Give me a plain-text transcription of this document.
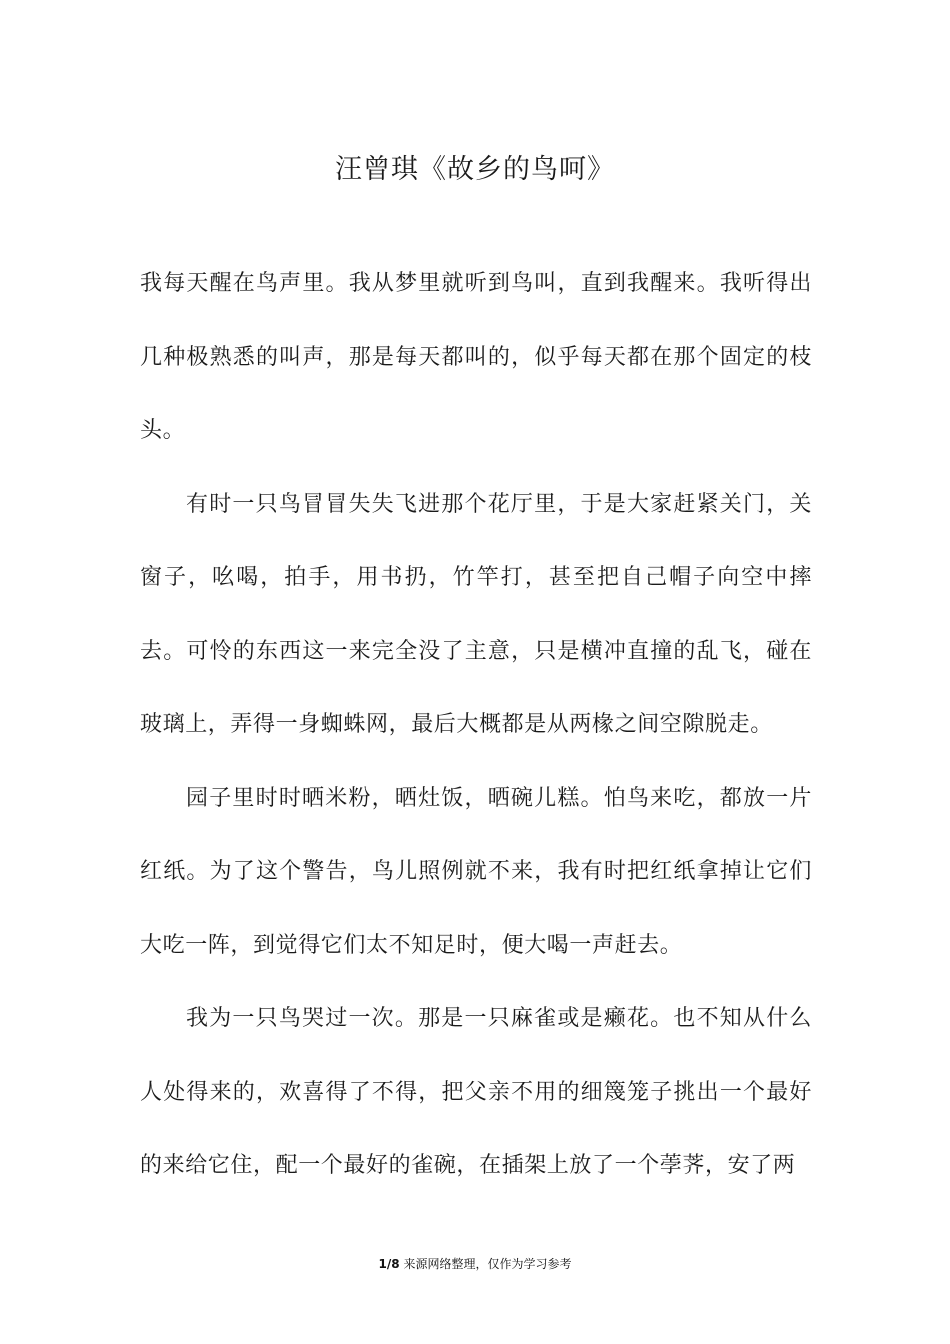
汪曾琪《故乡的鸟呵》

我每天醒在鸟声里。我从梦里就听到鸟叫，直到我醒来。我听得出几种极熟悉的叫声，那是每天都叫的，似乎每天都在那个固定的枝头。

有时一只鸟冒冒失失飞进那个花厅里，于是大家赶紧关门，关窗子，吆喝，拍手，用书扔，竹竿打，甚至把自己帽子向空中摔去。可怜的东西这一来完全没了主意，只是横冲直撞的乱飞，碰在玻璃上，弄得一身蜘蛛网，最后大概都是从两椽之间空隙脱走。

园子里时时晒米粉，晒灶饭，晒碗儿糕。怕鸟来吃，都放一片红纸。为了这个警告，鸟儿照例就不来，我有时把红纸拿掉让它们大吃一阵，到觉得它们太不知足时，便大喝一声赶去。

我为一只鸟哭过一次。那是一只麻雀或是癞花。也不知从什么人处得来的，欢喜得了不得，把父亲不用的细篾笼子挑出一个最好的来给它住，配一个最好的雀碗，在插架上放了一个荸荠，安了两

1/8 来源网络整理，仅作为学习参考
